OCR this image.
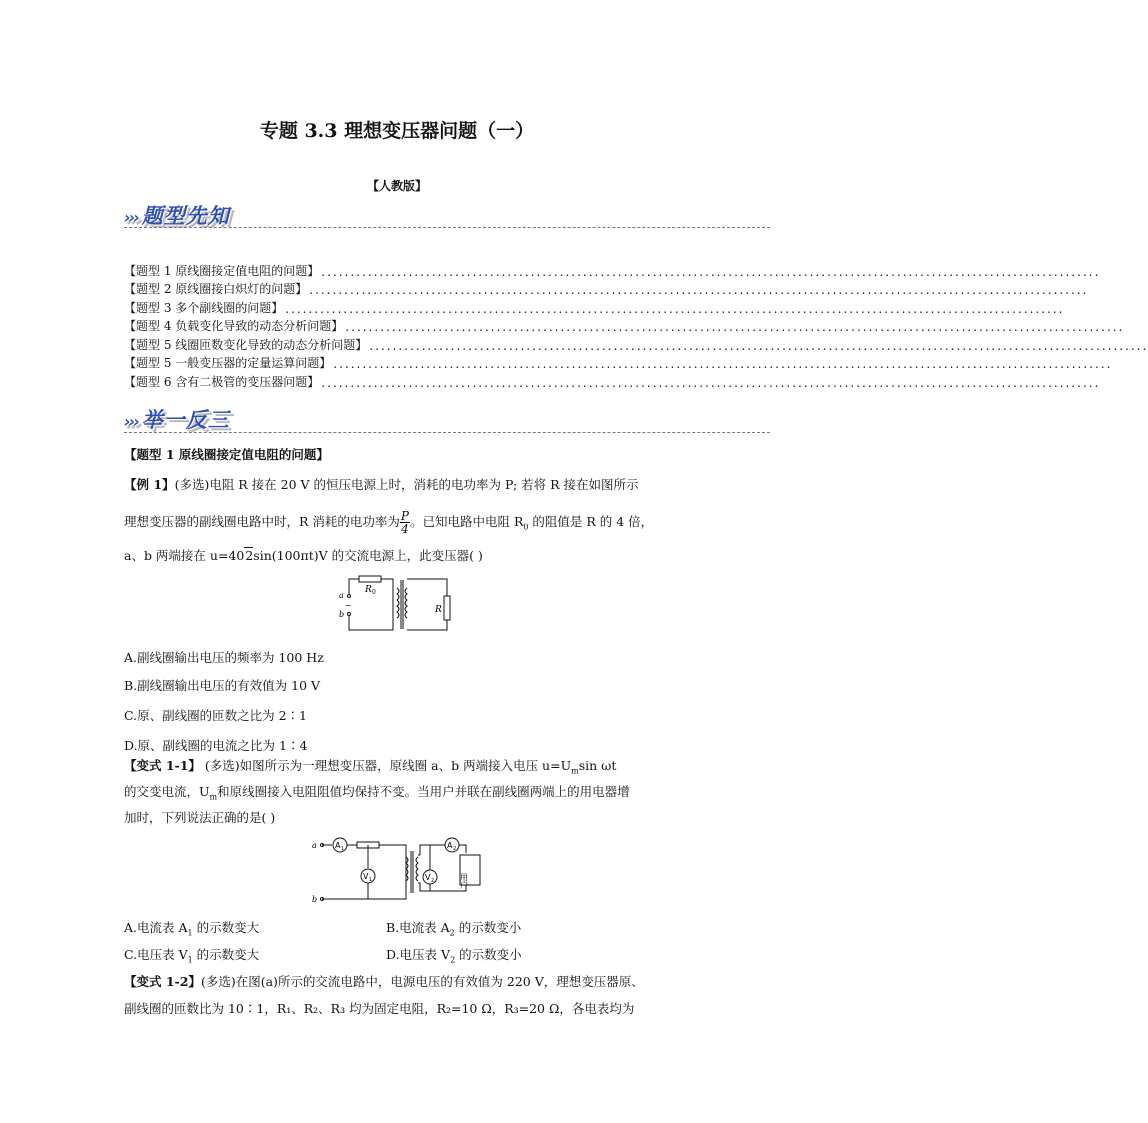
专题 3.3 理想变压器问题（一）
【人教版】
››› 题型先知
【题型 1 原线圈接定值电阻的问题】 ......................................................................................................................................
【题型 2 原线圈接白炽灯的问题】 ......................................................................................................................................
【题型 3 多个副线圈的问题】 ......................................................................................................................................
【题型 4 负载变化导致的动态分析问题】 ......................................................................................................................................
【题型 5 线圈匝数变化导致的动态分析问题】 ......................................................................................................................................
【题型 5 一般变压器的定量运算问题】 ......................................................................................................................................
【题型 6 含有二极管的变压器问题】 ......................................................................................................................................
››› 举一反三
【题型 1 原线圈接定值电阻的问题】
【例 1】(多选)电阻 R 接在 20 V 的恒压电源上时，消耗的电功率为 P; 若将 R 接在如图所示
理想变压器的副线圈电路中时，R 消耗的电功率为 $\frac{P}{4}$ 。已知电路中电阻 $R_0$ 的阻值是 R 的 4 倍，
a、b 两端接在 u=402sin(100πt)V 的交流电源上，此变压器( )
R 0
R
a
b
~
A.副线圈输出电压的频率为 100 Hz
B.副线圈输出电压的有效值为 10 V
C.原、副线圈的匝数之比为 2∶1
D.原、副线圈的电流之比为 1∶4
【变式 1-1】 (多选)如图所示为一理想变压器，原线圈 a、b 两端接入电压 $u=U_m\sin$ ωt
的交变电流，$U_m$和原线圈接入电阻阻值均保持不变。当用户并联在副线圈两端上的用电器增
加时，下列说法正确的是( )
a
b
A 1
V 1
A 2
V 2	用户
A.电流表 $A_1$ 的示数变大	B.电流表 $A_2$ 的示数变小
C.电压表 $V_1$ 的示数变大	D.电压表 $V_2$ 的示数变小
【变式 1-2】(多选)在图(a)所示的交流电路中，电源电压的有效值为 220 V，理想变压器原、
副线圈的匝数比为 10∶1，R₁、R₂、R₃ 均为固定电阻，R₂=10 Ω，R₃=20 Ω，各电表均为
